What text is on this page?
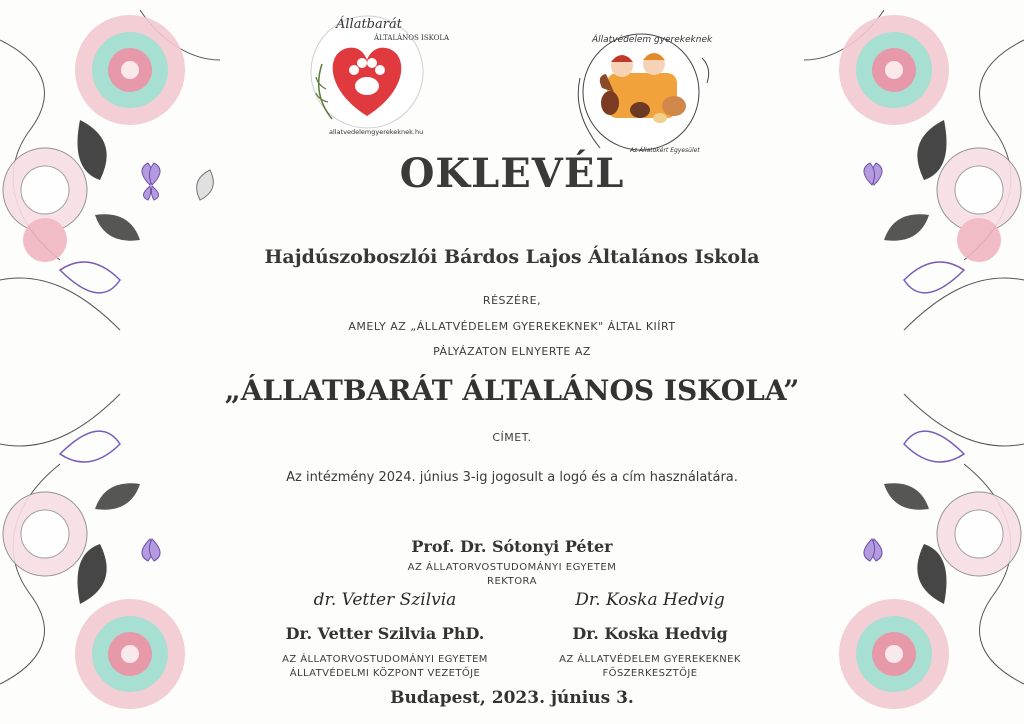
Állatbarát
ÁLTALÁNOS ISKOLA
allatvedelemgyerekeknek.hu
Állatvédelem gyerekeknek
Az Állatokért Egyesület
OKLEVÉL
Hajdúszoboszlói Bárdos Lajos Általános Iskola
RÉSZÉRE,
AMELY AZ „ÁLLATVÉDELEM GYEREKEKNEK" ÁLTAL KIÍRT
PÁLYÁZATON ELNYERTE AZ
„ÁLLATBARÁT ÁLTALÁNOS ISKOLA”
CÍMET.
Az intézmény 2024. június 3-ig jogosult a logó és a cím használatára.
Prof. Dr. Sótonyi Péter
AZ ÁLLATORVOSTUDOMÁNYI EGYETEM
REKTORA
dr. Vetter Szilvia
Dr. Vetter Szilvia PhD.
AZ ÁLLATORVOSTUDOMÁNYI EGYETEM
ÁLLATVÉDELMI KÖZPONT VEZETŐJE
Dr. Koska Hedvig
Dr. Koska Hedvig
AZ ÁLLATVÉDELEM GYEREKEKNEK
FŐSZERKESZTŐJE
Budapest, 2023. június 3.
